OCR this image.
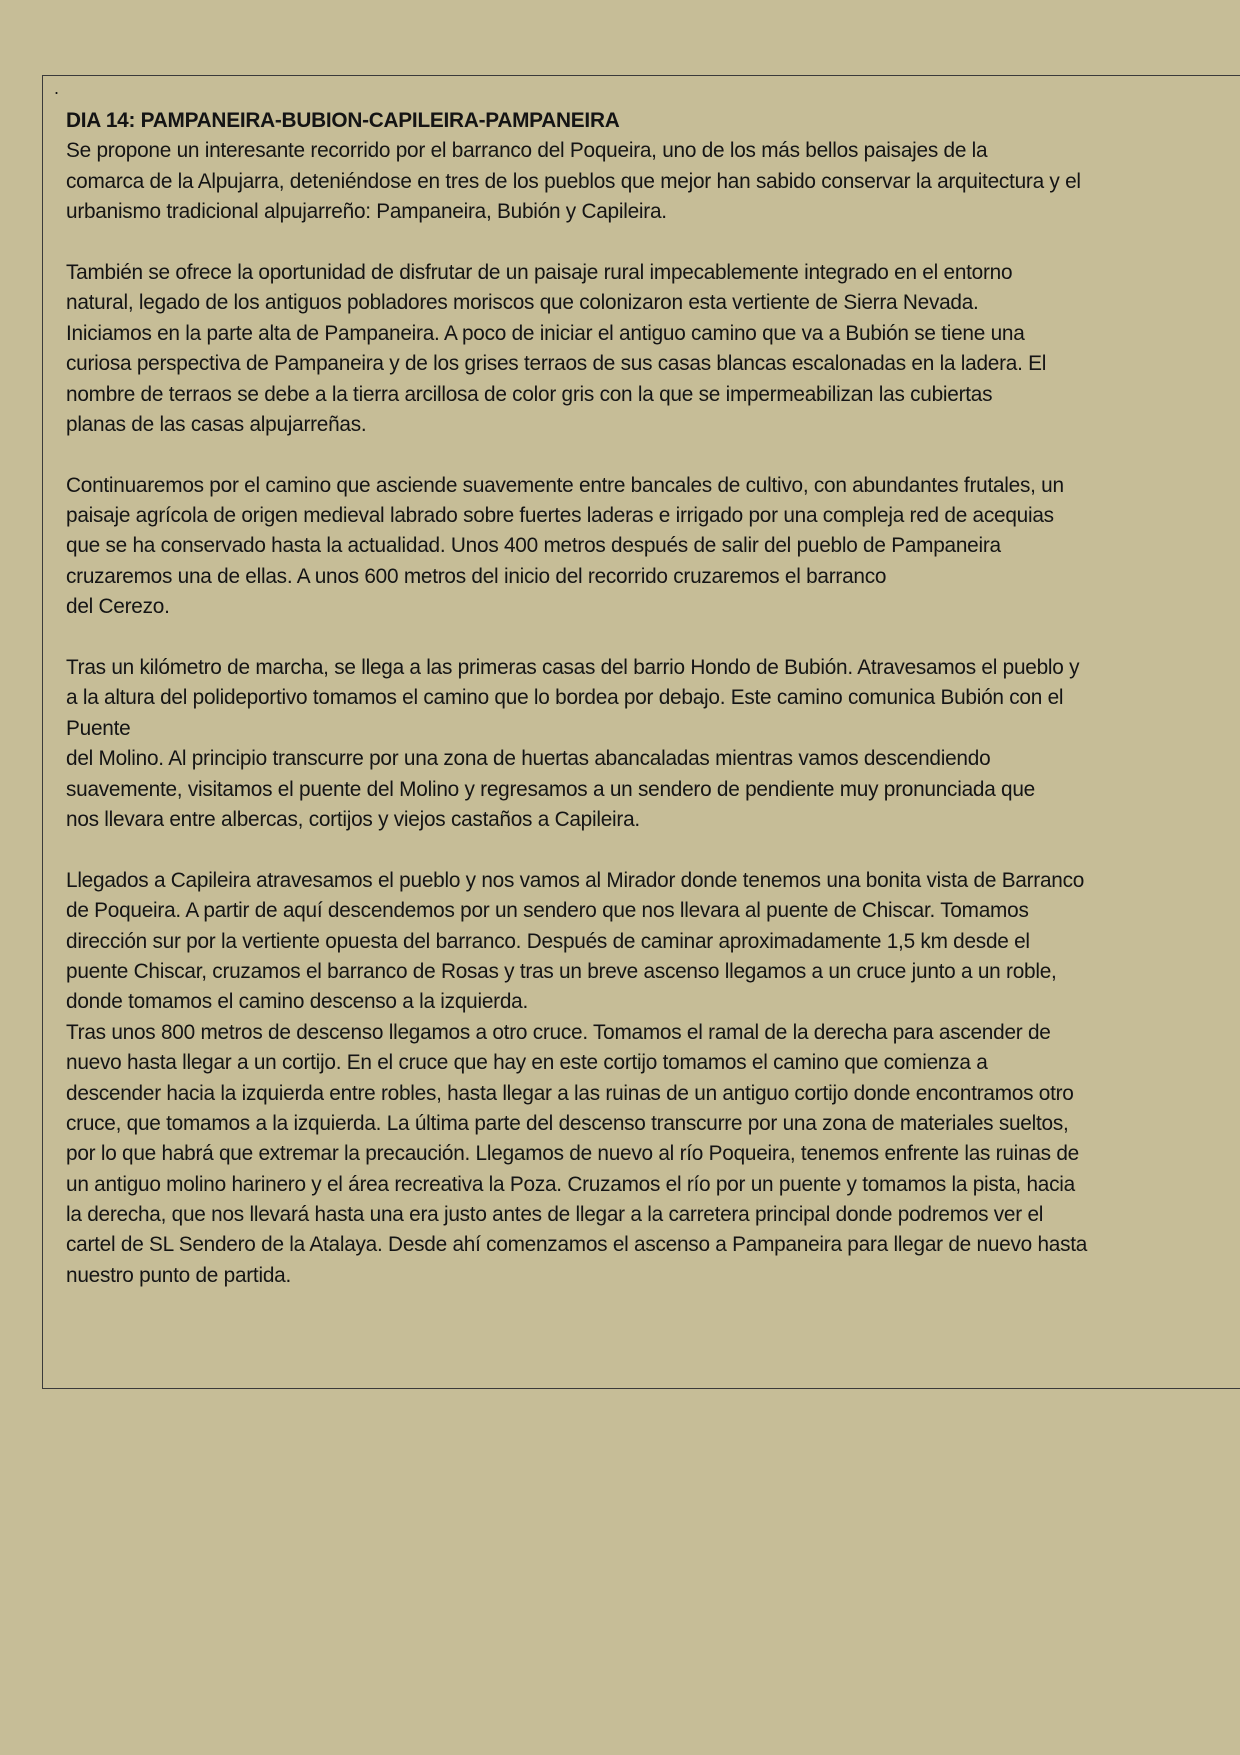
.
DIA 14: PAMPANEIRA-BUBION-CAPILEIRA-PAMPANEIRA
Se propone un interesante recorrido por el barranco del Poqueira, uno de los más bellos paisajes de la
comarca de la Alpujarra, deteniéndose en tres de los pueblos que mejor han sabido conservar la arquitectura y el
urbanismo tradicional alpujarreño: Pampaneira, Bubión y Capileira.
También se ofrece la oportunidad de disfrutar de un paisaje rural impecablemente integrado en el entorno
natural, legado de los antiguos pobladores moriscos que colonizaron esta vertiente de Sierra Nevada.
Iniciamos en la parte alta de Pampaneira. A poco de iniciar el antiguo camino que va a Bubión se tiene una
curiosa perspectiva de Pampaneira y de los grises terraos de sus casas blancas escalonadas en la ladera. El
nombre de terraos se debe a la tierra arcillosa de color gris con la que se impermeabilizan las cubiertas
planas de las casas alpujarreñas.
Continuaremos por el camino que asciende suavemente entre bancales de cultivo, con abundantes frutales, un
paisaje agrícola de origen medieval labrado sobre fuertes laderas e irrigado por una compleja red de acequias
que se ha conservado hasta la actualidad. Unos 400 metros después de salir del pueblo de Pampaneira
cruzaremos una de ellas. A unos 600 metros del inicio del recorrido cruzaremos el barranco
del Cerezo.
Tras un kilómetro de marcha, se llega a las primeras casas del barrio Hondo de Bubión. Atravesamos el pueblo y
a la altura del polideportivo tomamos el camino que lo bordea por debajo. Este camino comunica Bubión con el
Puente
del Molino. Al principio transcurre por una zona de huertas abancaladas mientras vamos descendiendo
suavemente, visitamos el puente del Molino y regresamos a un sendero de pendiente muy pronunciada que
nos llevara entre albercas, cortijos y viejos castaños a Capileira.
Llegados a Capileira atravesamos el pueblo y nos vamos al Mirador donde tenemos una bonita vista de Barranco
de Poqueira. A partir de aquí descendemos por un sendero que nos llevara al puente de Chiscar. Tomamos
dirección sur por la vertiente opuesta del barranco. Después de caminar aproximadamente 1,5 km desde el
puente Chiscar, cruzamos el barranco de Rosas y tras un breve ascenso llegamos a un cruce junto a un roble,
donde tomamos el camino descenso a la izquierda.
Tras unos 800 metros de descenso llegamos a otro cruce. Tomamos el ramal de la derecha para ascender de
nuevo hasta llegar a un cortijo. En el cruce que hay en este cortijo tomamos el camino que comienza a
descender hacia la izquierda entre robles, hasta llegar a las ruinas de un antiguo cortijo donde encontramos otro
cruce, que tomamos a la izquierda. La última parte del descenso transcurre por una zona de materiales sueltos,
por lo que habrá que extremar la precaución. Llegamos de nuevo al río Poqueira, tenemos enfrente las ruinas de
un antiguo molino harinero y el área recreativa la Poza. Cruzamos el río por un puente y tomamos la pista, hacia
la derecha, que nos llevará hasta una era justo antes de llegar a la carretera principal donde podremos ver el
cartel de SL Sendero de la Atalaya. Desde ahí comenzamos el ascenso a Pampaneira para llegar de nuevo hasta
nuestro punto de partida.
